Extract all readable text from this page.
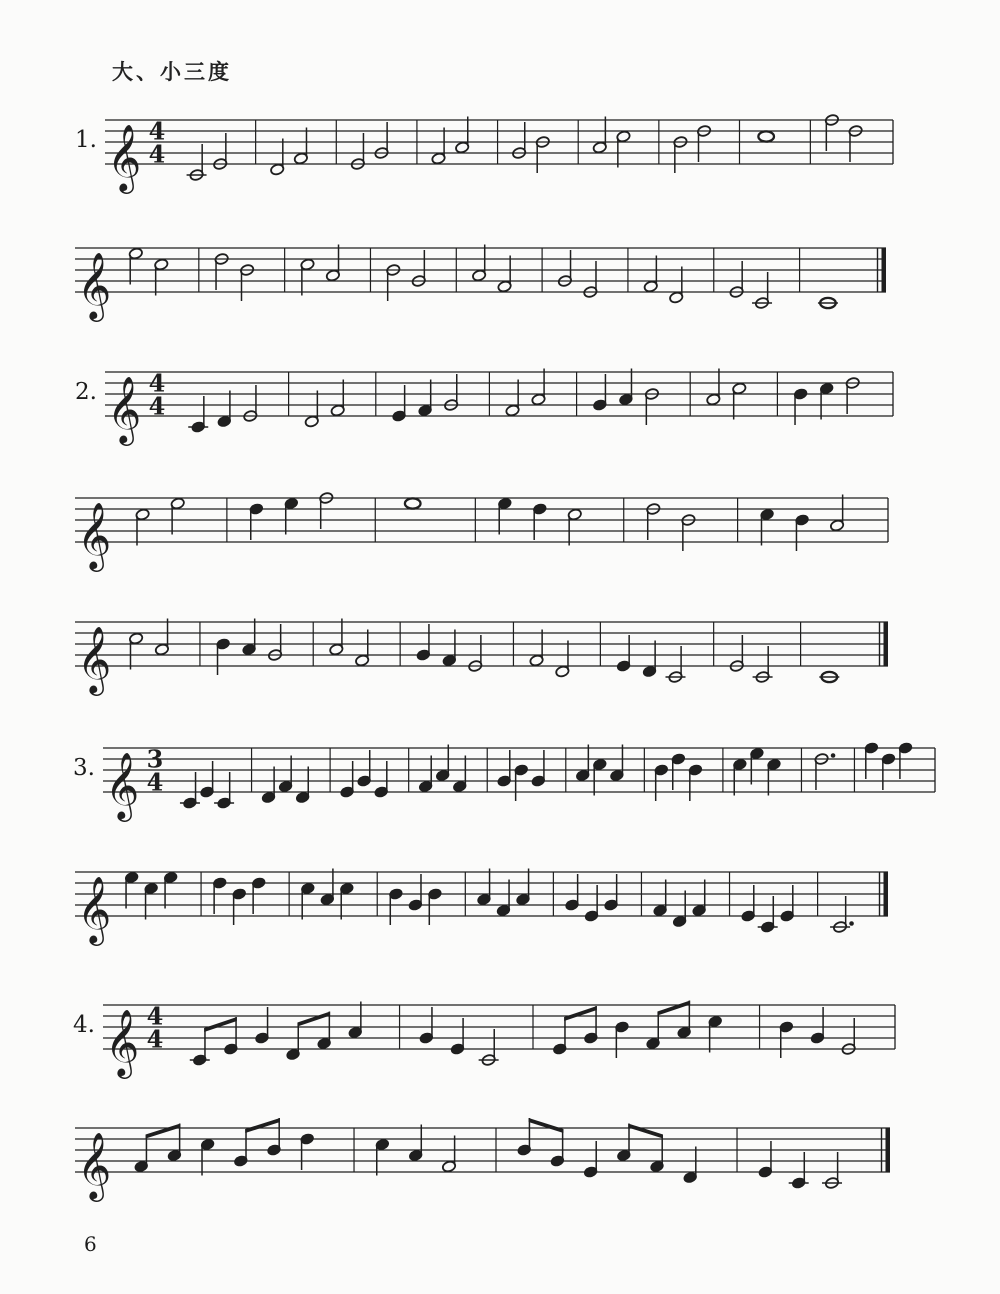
大、小三度
𝄞 4
4
𝄞
𝄞 4
4
𝄞
𝄞
𝄞 3
4
𝄞
𝄞 4
4
𝄞
6
1.
2.
3.
4.
